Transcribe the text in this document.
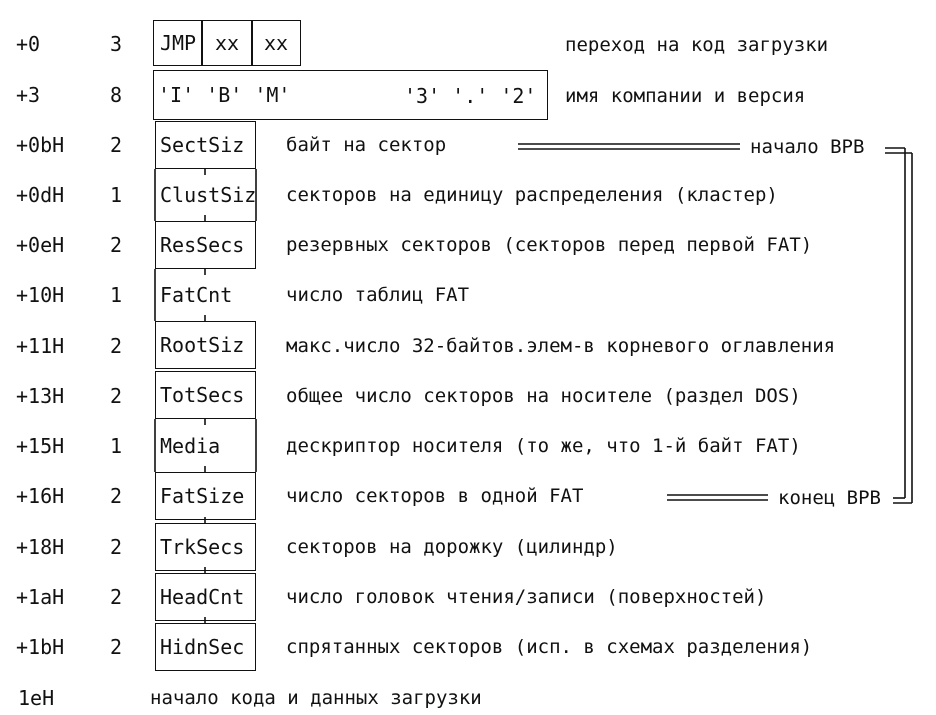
+0
+3
+0bH
+0dH
+0eH
+10H
+11H
+13H
+15H
+16H
+18H
+1aH
+1bH
1eH
3
8
2
1
2
1
2
2
1
2
2
2
2
JMP xx xx
'I' 'B' 'M'	'3' '.' '2'
SectSiz
ClustSiz
ResSecs
FatCnt
RootSiz
TotSecs
Media
FatSize
TrkSecs
HeadCnt
HidnSec
переход на код загрузки
имя компании и версия
байт на сектор
секторов на единицу распределения (кластер)
резервных секторов (секторов перед первой FAT)
число таблиц FAT
макс.число 32-байтов.элем-в корневого оглавления
общее число секторов на носителе (раздел DOS)
дескриптор носителя (то же, что 1-й байт FAT)
число секторов в одной FAT
секторов на дорожку (цилиндр)
число головок чтения/записи (поверхностей)
спрятанных секторов (исп. в схемах разделения)
начало кода и данных загрузки
начало BPB
конец BPB
